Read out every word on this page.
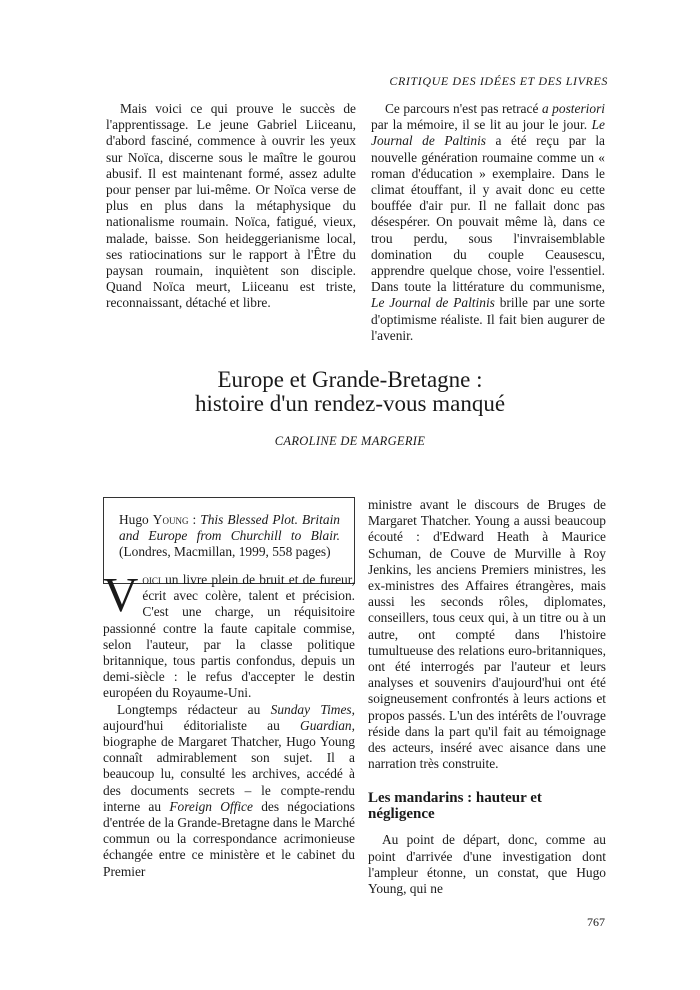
CRITIQUE DES IDÉES ET DES LIVRES

Mais voici ce qui prouve le succès de l'apprentissage. Le jeune Gabriel Liiceanu, d'abord fasciné, commence à ouvrir les yeux sur Noïca, discerne sous le maître le gourou abusif. Il est maintenant formé, assez adulte pour penser par lui-même. Or Noïca verse de plus en plus dans la métaphysique du nationalisme roumain. Noïca, fatigué, vieux, malade, baisse. Son heideggerianisme local, ses ratiocinations sur le rapport à l'Être du paysan roumain, inquiètent son disciple. Quand Noïca meurt, Liiceanu est triste, reconnaissant, détaché et libre.

Ce parcours n'est pas retracé a posteriori par la mémoire, il se lit au jour le jour. Le Journal de Paltinis a été reçu par la nouvelle génération roumaine comme un « roman d'éducation » exemplaire. Dans le climat étouffant, il y avait donc eu cette bouffée d'air pur. Il ne fallait donc pas désespérer. On pouvait même là, dans ce trou perdu, sous l'invraisemblable domination du couple Ceausescu, apprendre quelque chose, voire l'essentiel. Dans toute la littérature du communisme, Le Journal de Paltinis brille par une sorte d'optimisme réaliste. Il fait bien augurer de l'avenir.

Europe et Grande-Bretagne :
histoire d'un rendez-vous manqué
CAROLINE DE MARGERIE
Hugo Young : This Blessed Plot. Britain and Europe from Churchill to Blair. (Londres, Macmillan, 1999, 558 pages)

Voici un livre plein de bruit et de fureur, écrit avec colère, talent et précision. C'est une charge, un réquisitoire passionné contre la faute capitale commise, selon l'auteur, par la classe politique britannique, tous partis confondus, depuis un demi-siècle : le refus d'accepter le destin européen du Royaume-Uni.

Longtemps rédacteur au Sunday Times, aujourd'hui éditorialiste au Guardian, biographe de Margaret Thatcher, Hugo Young connaît admirablement son sujet. Il a beaucoup lu, consulté les archives, accédé à des documents secrets – le compte-rendu interne au Foreign Office des négociations d'entrée de la Grande-Bretagne dans le Marché commun ou la correspondance acrimonieuse échangée entre ce ministère et le cabinet du Premier

ministre avant le discours de Bruges de Margaret Thatcher. Young a aussi beaucoup écouté : d'Edward Heath à Maurice Schuman, de Couve de Murville à Roy Jenkins, les anciens Premiers ministres, les ex-ministres des Affaires étrangères, mais aussi les seconds rôles, diplomates, conseillers, tous ceux qui, à un titre ou à un autre, ont compté dans l'histoire tumultueuse des relations euro-britanniques, ont été interrogés par l'auteur et leurs analyses et souvenirs d'aujourd'hui ont été soigneusement confrontés à leurs actions et propos passés. L'un des intérêts de l'ouvrage réside dans la part qu'il fait au témoignage des acteurs, inséré avec aisance dans une narration très construite.

Les mandarins : hauteur et négligence

Au point de départ, donc, comme au point d'arrivée d'une investigation dont l'ampleur étonne, un constat, que Hugo Young, qui ne

767
